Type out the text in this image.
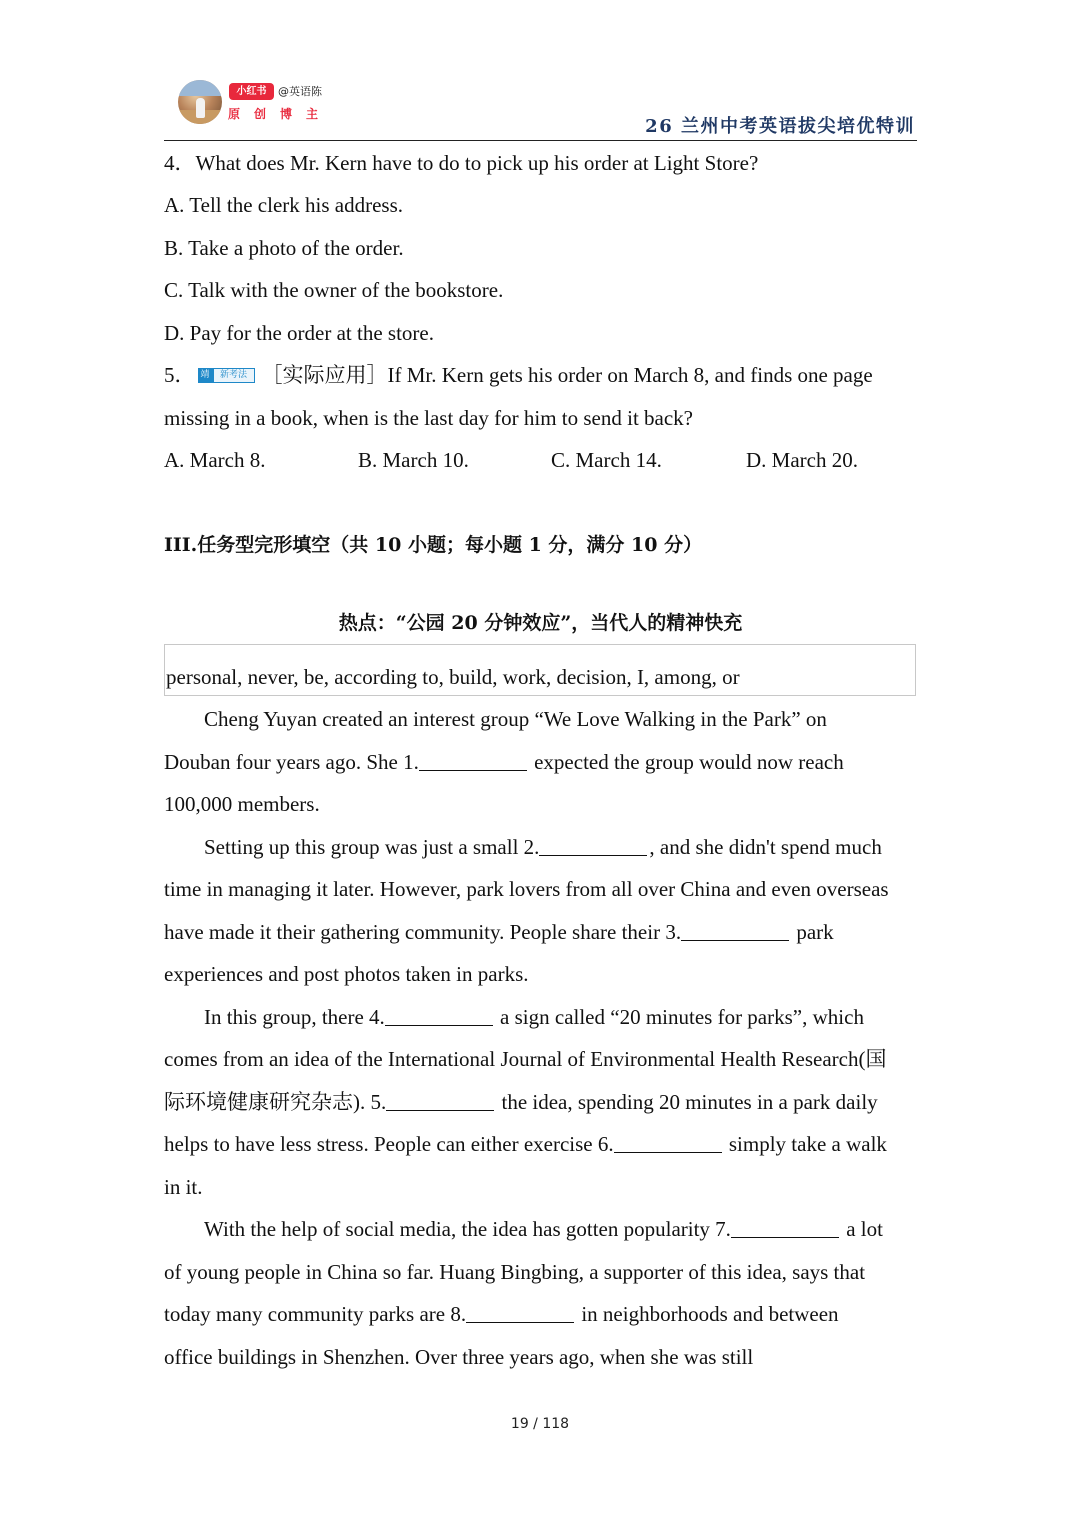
小红书	@英语陈
原创博主
26 兰州中考英语拔尖培优特训
4．What does Mr. Kern have to do to pick up his order at Light Store?
A. Tell the clerk his address.
B. Take a photo of the order.
C. Talk with the owner of the bookstore.
D. Pay for the order at the store.
5． 靖	新考法 ［实际应用］If Mr. Kern gets his order on March 8, and finds one page
missing in a book, when is the last day for him to send it back?
A. March 8.	B. March 10.	C. March 14.	D. March 20.
III.任务型完形填空（共 10 小题；每小题 1 分，满分 10 分）
热点：“公园 20 分钟效应”，当代人的精神快充
personal, never, be, according to, build, work, decision, I, among, or
Cheng Yuyan created an interest group “We Love Walking in the Park” on
Douban four years ago. She 1.	expected the group would now reach
100,000 members.
Setting up this group was just a small 2.	, and she didn't spend much
time in managing it later. However, park lovers from all over China and even overseas
have made it their gathering community. People share their 3.	park
experiences and post photos taken in parks.
In this group, there 4.	a sign called “20 minutes for parks”, which
comes from an idea of the International Journal of Environmental Health Research(国
际环境健康研究杂志). 5.	the idea, spending 20 minutes in a park daily
helps to have less stress. People can either exercise 6.	simply take a walk
in it.
With the help of social media, the idea has gotten popularity 7.	a lot
of young people in China so far. Huang Bingbing, a supporter of this idea, says that
today many community parks are 8.	in neighborhoods and between
office buildings in Shenzhen. Over three years ago, when she was still
19 / 118
